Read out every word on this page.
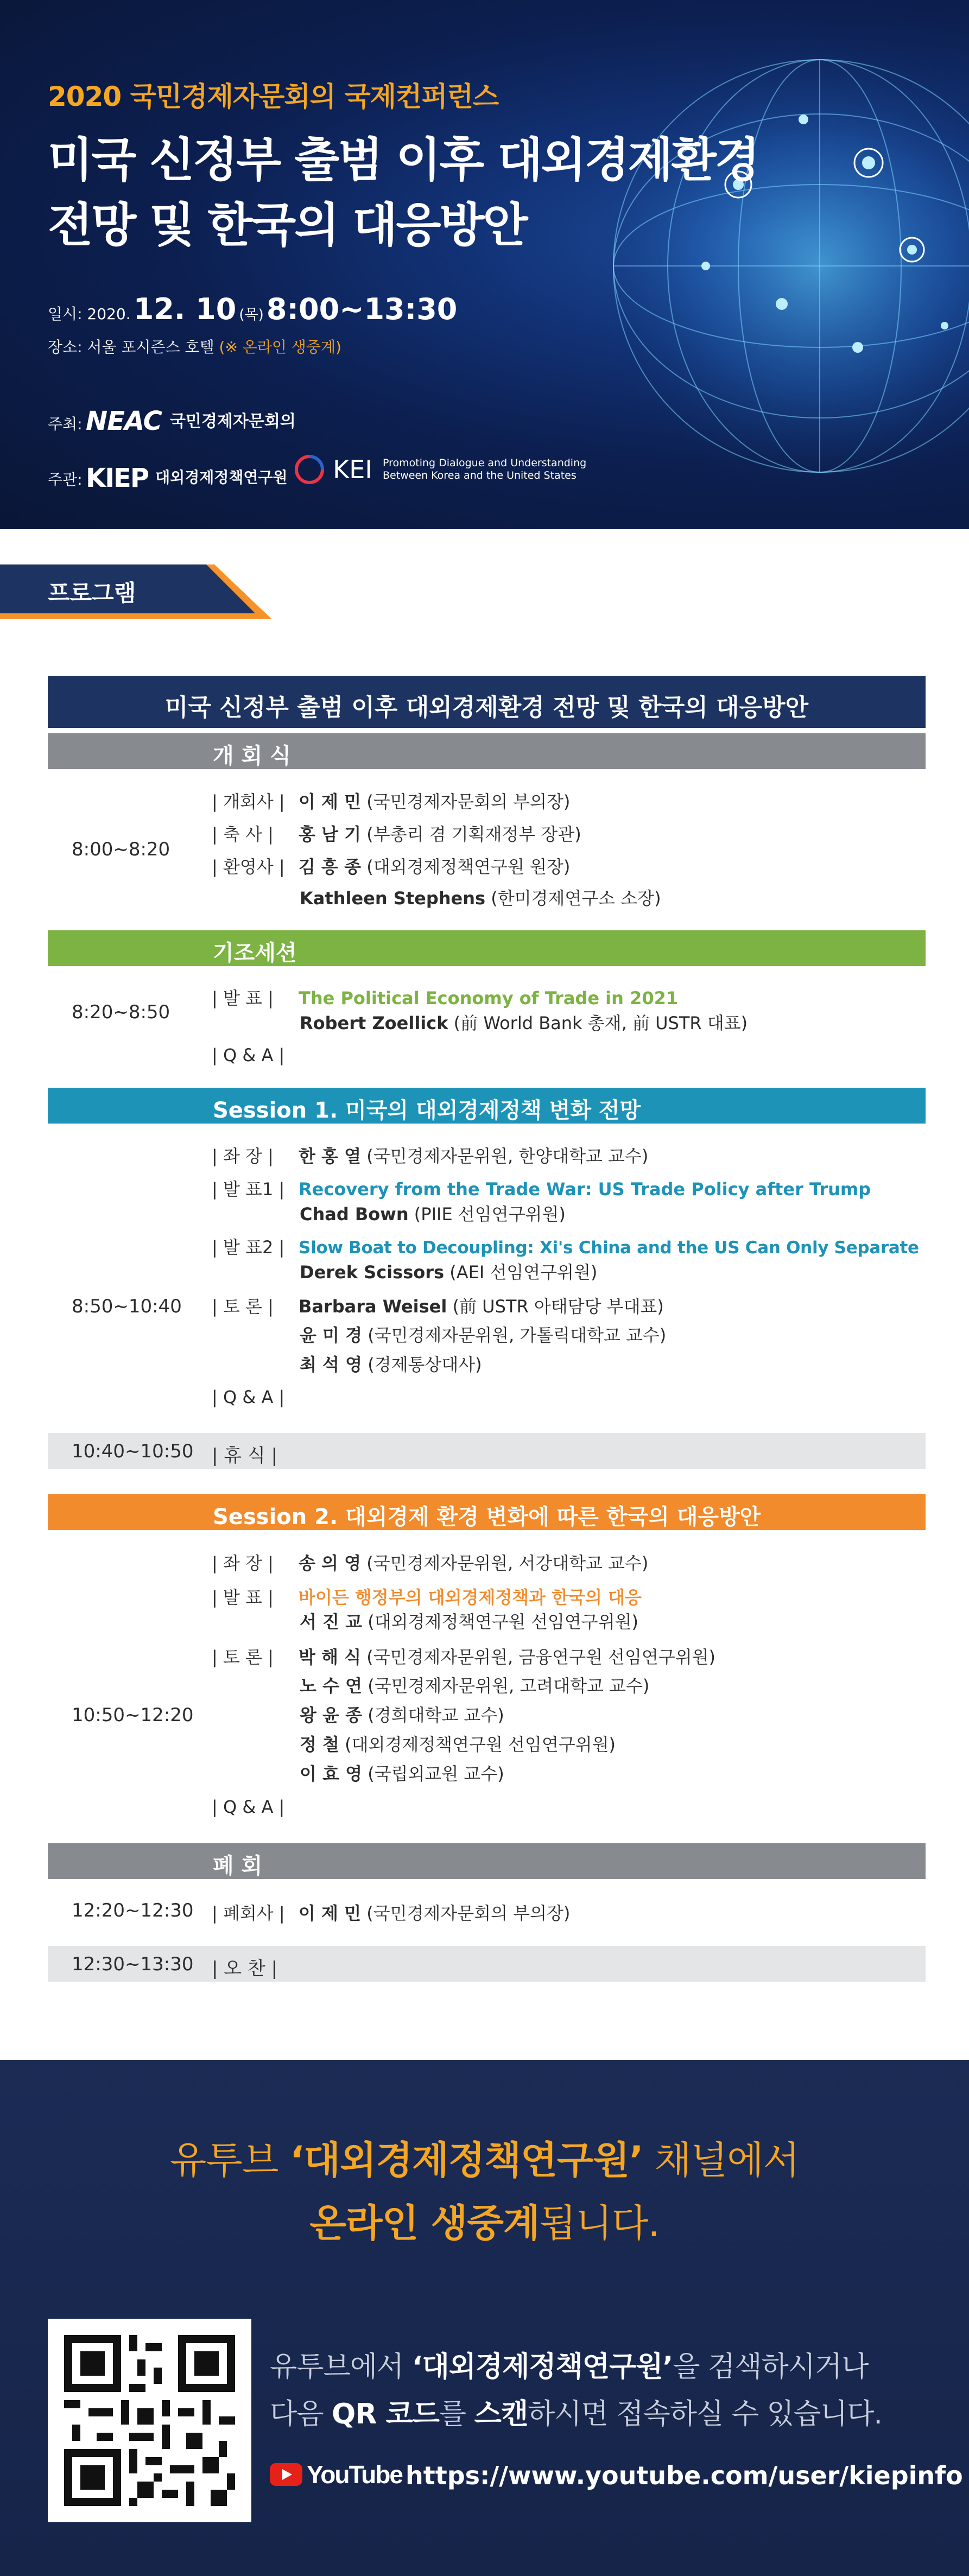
2020 국민경제자문회의 국제컨퍼런스
미국 신정부 출범 이후 대외경제환경
전망 및 한국의 대응방안
일시: 2020. 12. 10 (목) 8:00~13:30
장소: 서울 포시즌스 호텔 (※ 온라인 생중계)
주최: NEAC 국민경제자문회의
주관: KIEP 대외경제정책연구원	KEI Promoting Dialogue and Understanding
Between Korea and the United States
프로그램
미국 신정부 출범 이후 대외경제환경 전망 및 한국의 대응방안
개 회 식
8:00~8:20
| 개회사 | 이 제 민 (국민경제자문회의 부의장)
| 축 사 | 홍 남 기 (부총리 겸 기획재정부 장관)
| 환영사 | 김 흥 종 (대외경제정책연구원 원장)
Kathleen Stephens (한미경제연구소 소장)
기조세션
8:20~8:50
| 발 표 | The Political Economy of Trade in 2021
Robert Zoellick (前 World Bank 총재, 前 USTR 대표)
| Q & A |
Session 1. 미국의 대외경제정책 변화 전망
8:50~10:40
| 좌 장 | 한 홍 열 (국민경제자문위원, 한양대학교 교수)
| 발 표1 | Recovery from the Trade War: US Trade Policy after Trump
Chad Bown (PIIE 선임연구위원)
| 발 표2 | Slow Boat to Decoupling: Xi's China and the US Can Only Separate
Derek Scissors (AEI 선임연구위원)
| 토 론 | Barbara Weisel (前 USTR 아태담당 부대표)
윤 미 경 (국민경제자문위원, 가톨릭대학교 교수)
최 석 영 (경제통상대사)
| Q & A |
10:40~10:50 | 휴 식 |
Session 2. 대외경제 환경 변화에 따른 한국의 대응방안
10:50~12:20
| 좌 장 | 송 의 영 (국민경제자문위원, 서강대학교 교수)
| 발 표 | 바이든 행정부의 대외경제정책과 한국의 대응
서 진 교 (대외경제정책연구원 선임연구위원)
| 토 론 | 박 해 식 (국민경제자문위원, 금융연구원 선임연구위원)
노 수 연 (국민경제자문위원, 고려대학교 교수)
왕 윤 종 (경희대학교 교수)
정 철 (대외경제정책연구원 선임연구위원)
이 효 영 (국립외교원 교수)
| Q & A |
폐 회
12:20~12:30 | 폐회사 | 이 제 민 (국민경제자문회의 부의장)
12:30~13:30 | 오 찬 |
유투브 ‘대외경제정책연구원’ 채널에서
온라인 생중계됩니다.
유투브에서 ‘대외경제정책연구원’을 검색하시거나
다음 QR 코드를 스캔하시면 접속하실 수 있습니다.
YouTube https://www.youtube.com/user/kiepinfo
